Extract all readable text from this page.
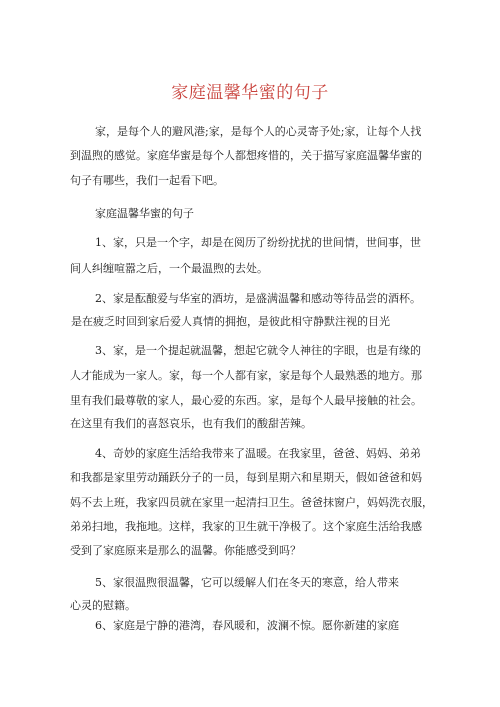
家庭温馨华蜜的句子
家，是每个人的避风港;家，是每个人的心灵寄予处;家，让每个人找
到温煦的感觉。家庭华蜜是每个人都想疼惜的，关于描写家庭温馨华蜜的
句子有哪些，我们一起看下吧。
家庭温馨华蜜的句子
1、家，只是一个字，却是在阅历了纷纷扰扰的世间情，世间事，世
间人纠缠喧嚣之后，一个最温煦的去处。
2、家是酝酿爱与华室的酒坊，是盛满温馨和感动等待品尝的酒杯。
是在疲乏时回到家后爱人真情的拥抱，是彼此相守静默注视的目光
3、家，是一个提起就温馨，想起它就令人神往的字眼，也是有缘的
人才能成为一家人。家，每一个人都有家，家是每个人最熟悉的地方。那
里有我们最尊敬的家人，最心爱的东西。家，是每个人最早接触的社会。
在这里有我们的喜怒哀乐，也有我们的酸甜苦辣。
4、奇妙的家庭生活给我带来了温暖。在我家里，爸爸、妈妈、弟弟
和我都是家里劳动踊跃分子的一员，每到星期六和星期天，假如爸爸和妈
妈不去上班，我家四员就在家里一起清扫卫生。爸爸抹窗户，妈妈洗衣服，
弟弟扫地，我拖地。这样，我家的卫生就干净极了。这个家庭生活给我感
受到了家庭原来是那么的温馨。你能感受到吗？
5、家很温煦很温馨，它可以缓解人们在冬天的寒意，给人带来
心灵的慰籍。
6、家庭是宁静的港湾，春风暖和，波澜不惊。愿你新建的家庭
